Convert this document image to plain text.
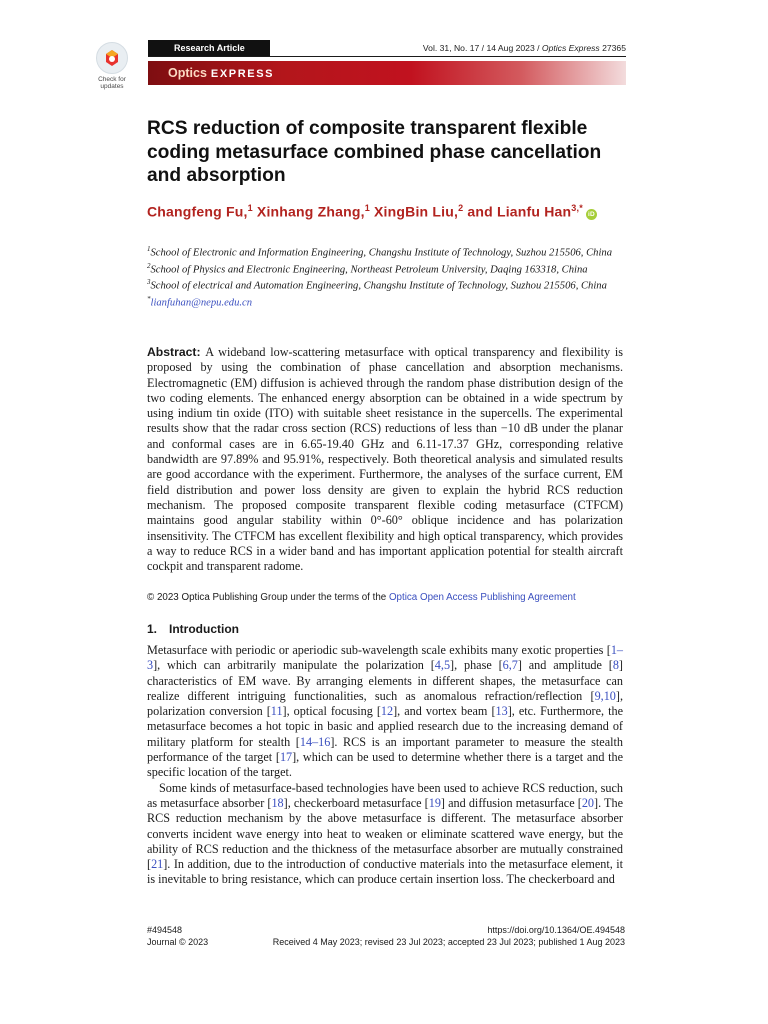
Check for
updates
Research Article	Vol. 31, No. 17 / 14 Aug 2023 / Optics Express 27365
Optics EXPRESS
RCS reduction of composite transparent flexible coding metasurface combined phase cancellation and absorption
Changfeng Fu,$^1$ Xinhang Zhang,$^1$ XingBin Liu,$^2$ and Lianfu Han$^{3,*}$iD
$^1$School of Electronic and Information Engineering, Changshu Institute of Technology, Suzhou 215506, China
$^2$School of Physics and Electronic Engineering, Northeast Petroleum University, Daqing 163318, China
$^3$School of electrical and Automation Engineering, Changshu Institute of Technology, Suzhou 215506, China
*lianfuhan@nepu.edu.cn
Abstract: A wideband low-scattering metasurface with optical transparency and flexibility is proposed by using the combination of phase cancellation and absorption mechanisms. Electromagnetic (EM) diffusion is achieved through the random phase distribution design of the two coding elements. The enhanced energy absorption can be obtained in a wide spectrum by using indium tin oxide (ITO) with suitable sheet resistance in the supercells. The experimental results show that the radar cross section (RCS) reductions of less than −10 dB under the planar and conformal cases are in 6.65-19.40 GHz and 6.11-17.37 GHz, corresponding relative bandwidth are 97.89% and 95.91%, respectively. Both theoretical analysis and simulated results are good accordance with the experiment. Furthermore, the analyses of the surface current, EM field distribution and power loss density are given to explain the hybrid RCS reduction mechanism. The proposed composite transparent flexible coding metasurface (CTFCM) maintains good angular stability within 0°-60° oblique incidence and has polarization insensitivity. The CTFCM has excellent flexibility and high optical transparency, which provides a way to reduce RCS in a wider band and has important application potential for stealth aircraft cockpit and transparent radome.
© 2023 Optica Publishing Group under the terms of the Optica Open Access Publishing Agreement
1. Introduction

Metasurface with periodic or aperiodic sub-wavelength scale exhibits many exotic properties [1–3], which can arbitrarily manipulate the polarization [4,5], phase [6,7] and amplitude [8] characteristics of EM wave. By arranging elements in different shapes, the metasurface can realize different intriguing functionalities, such as anomalous refraction/reflection [9,10], polarization conversion [11], optical focusing [12], and vortex beam [13], etc. Furthermore, the metasurface becomes a hot topic in basic and applied research due to the increasing demand of military platform for stealth [14–16]. RCS is an important parameter to measure the stealth performance of the target [17], which can be used to determine whether there is a target and the specific location of the target.

Some kinds of metasurface-based technologies have been used to achieve RCS reduction, such as metasurface absorber [18], checkerboard metasurface [19] and diffusion metasurface [20]. The RCS reduction mechanism by the above metasurface is different. The metasurface absorber converts incident wave energy into heat to weaken or eliminate scattered wave energy, but the ability of RCS reduction and the thickness of the metasurface absorber are mutually constrained [21]. In addition, due to the introduction of conductive materials into the metasurface element, it is inevitable to bring resistance, which can produce certain insertion loss. The checkerboard and

#494548	https://doi.org/10.1364/OE.494548
Journal © 2023	Received 4 May 2023; revised 23 Jul 2023; accepted 23 Jul 2023; published 1 Aug 2023
